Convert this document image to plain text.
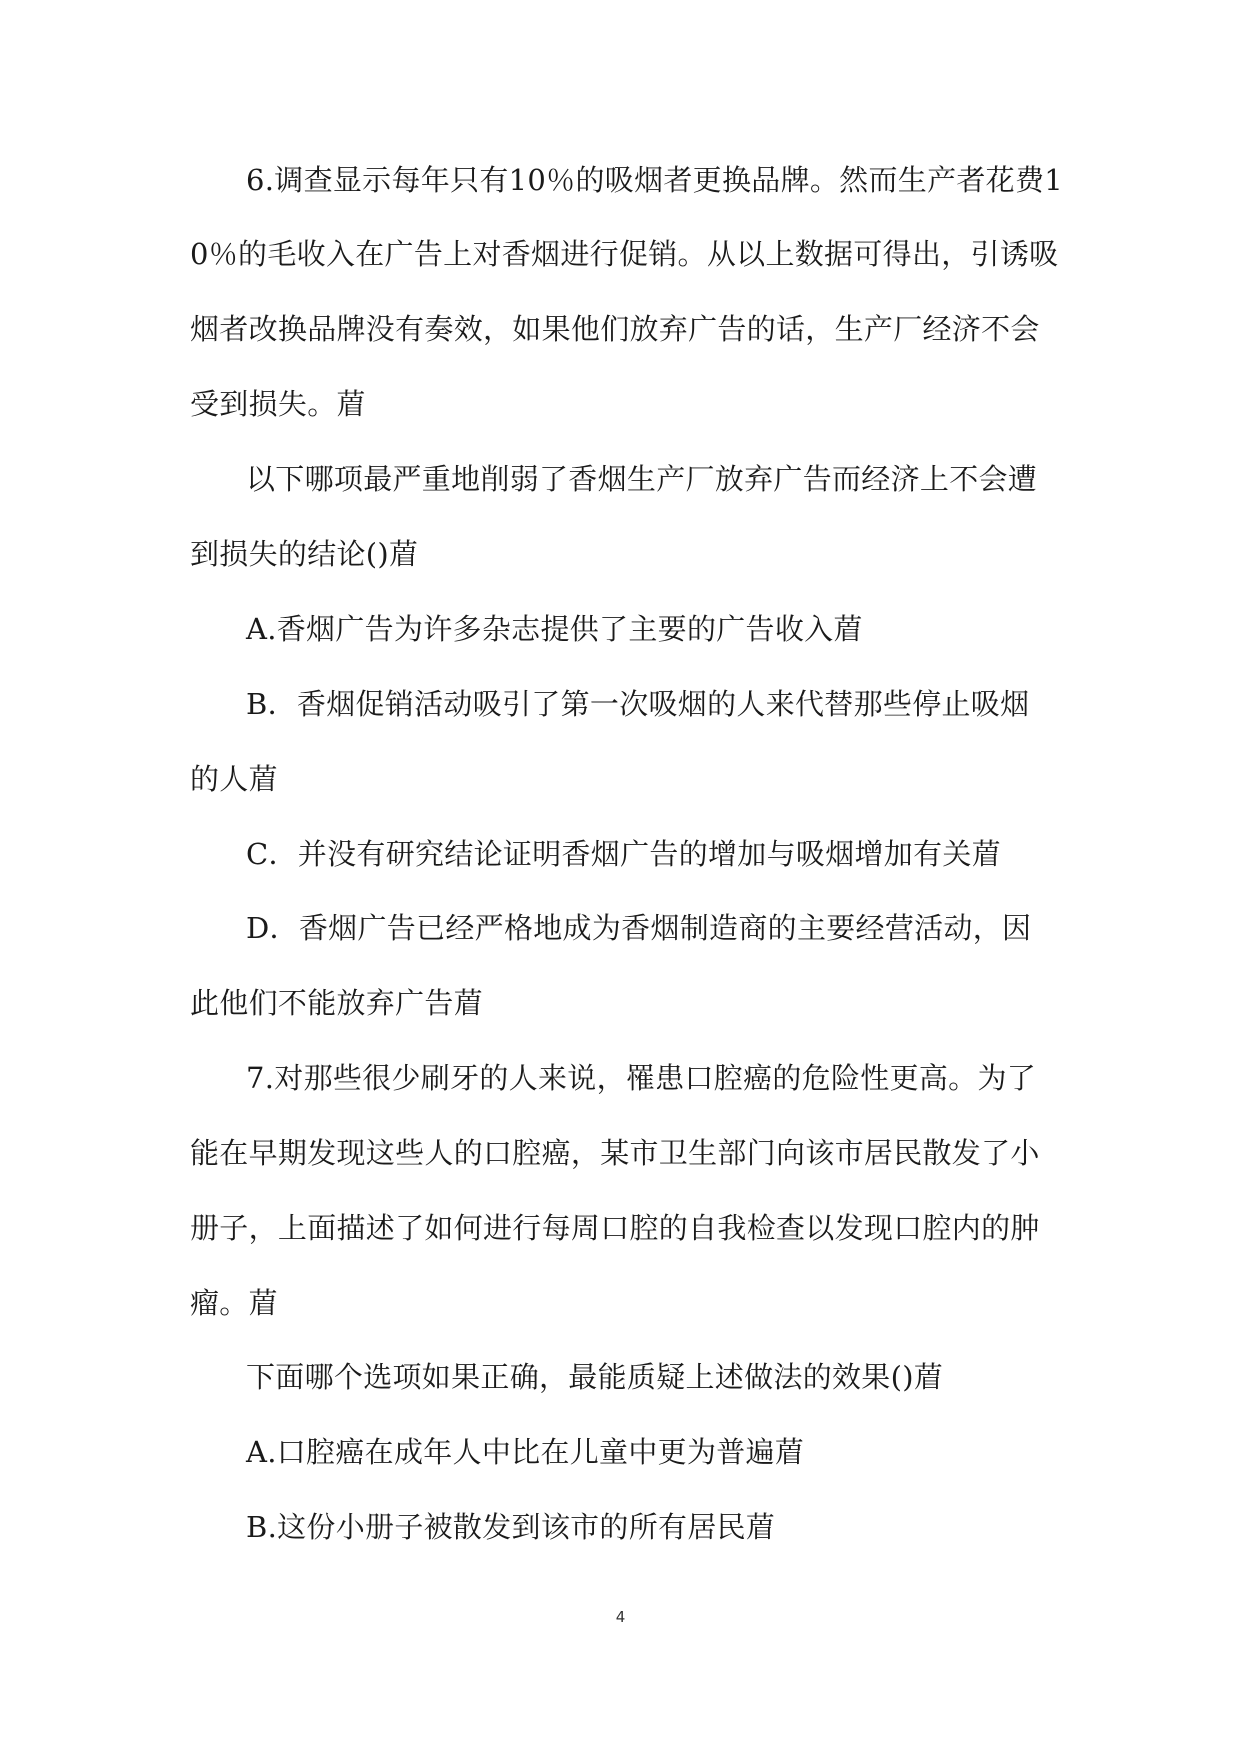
6.调查显示每年只有10％的吸烟者更换品牌。然而生产者花费1

0％的毛收入在广告上对香烟进行促销。从以上数据可得出，引诱吸

烟者改换品牌没有奏效，如果他们放弃广告的话，生产厂经济不会

受到损失。葿

以下哪项最严重地削弱了香烟生产厂放弃广告而经济上不会遭

到损失的结论()葿

A.香烟广告为许多杂志提供了主要的广告收入葿

B．香烟促销活动吸引了第一次吸烟的人来代替那些停止吸烟

的人葿

C．并没有研究结论证明香烟广告的增加与吸烟增加有关葿

D．香烟广告已经严格地成为香烟制造商的主要经营活动，因

此他们不能放弃广告葿

7.对那些很少刷牙的人来说，罹患口腔癌的危险性更高。为了

能在早期发现这些人的口腔癌，某市卫生部门向该市居民散发了小

册子，上面描述了如何进行每周口腔的自我检查以发现口腔内的肿

瘤。葿

下面哪个选项如果正确，最能质疑上述做法的效果()葿

A.口腔癌在成年人中比在儿童中更为普遍葿

B.这份小册子被散发到该市的所有居民葿

4
